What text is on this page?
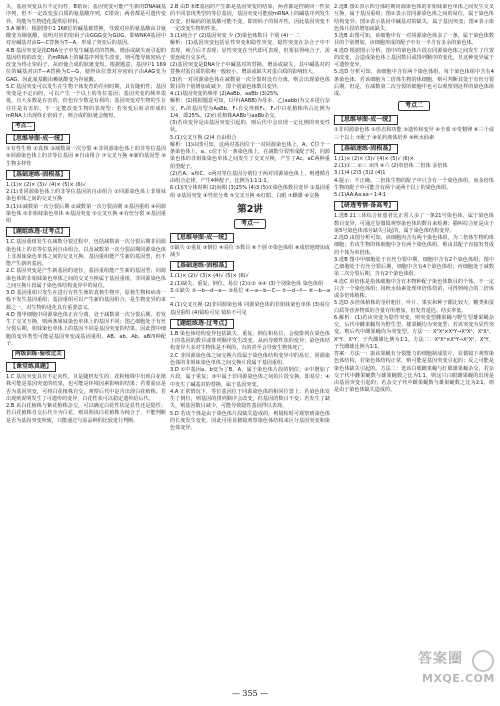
失，基因突变具有不定向性，B错误；基因突变可能产生新的DNA碱基序列，但不一定改变蛋白质的氨基酸序列，C错误；两者都是可遗传变异，均能为生物进化提供原材料。

3.A 解析：根据图中1 168位的碱基被替换，导致对应的氨基酸由甘氨酸变为缬氨酸，说明对应的密码子由GGG变为GUG，即WNK4基因中对应碱基对由G—C替换为T—A，形成了突变后的基因。

4.B 基因突变是指DNA分子中发生碱基对的替换、增添或缺失而引起的基因结构的改变；若mRNA上的碱基序列发生改变，则可能导致密码子改变为终止密码子，从而使合成的肽链变短。根据题意，基因中1 169位的碱基对由T—A替换为C—G，使得该位置对应密码子由AAG变为GAG，因此氨基酸由赖氨酸变为谷氨酸。

5.C 基因突变可以发生在生物个体发育的任何时期，具有随机性；基因突变是不定向的，可以产生一个以上的等位基因；基因突变的频率很低，且大多数是有害的，但也有少数是有利的；基因突变对生物的生存往往是有害的，不一定能改变生物的表现型；若突变后转录形成的mRNA上出现终止密码子，则合成的肽链会缩短。

考点二
【思维导图·成一统】

①有性生殖 ②真核 ③减数第一次分裂 ④非同源染色体上的非等位基因 ⑤同源染色体上的非等位基因 ⑥自由组合 ⑦交叉互换 ⑧新的基因型 ⑨生物多样性

【基础速练·固根基】

1.(1)× (2)× (3)√ (4)× (5)× (6)√

2.(1)非同源染色体上的非等位基因的自由组合 ②同源染色体上非姐妹染色单体之间的交叉互换

3.(1)①减数第一次分裂后期 ②减数第一次分裂前期 ③基因重组 ④同源染色体 ⑤非姐妹染色单体 ⑥基因突变 ⑦交叉互换 ⑧有丝分裂 ⑨基因重组

【题组练透·过考点】

1.C 基因重组发生在减数分裂过程中，包括减数第一次分裂后期非同源染色体上的非等位基因自由组合，以及减数第一次分裂前期同源染色体上非姐妹染色单体之间的交叉互换。基因重组能产生新的基因型，但不能产生新的基因。

2.C 基因突变是产生新基因的途径，基因重组能产生新的基因型；同源染色体的非姐妹染色单体之间的交叉互换属于基因重组，非同源染色体之间互换片段属于染色体结构变异中的易位。

3.D 基因重组只发生在进行有性生殖的真核生物中，原核生物和病毒一般不发生基因重组；基因重组可以产生新的基因组合，是生物变异的来源之一，对生物的进化具有重要意义。

4.D 图甲细胞中同源染色体正在分离，处于减数第一次分裂后期，若发生了交叉互换，则两条姐妹染色单体上的基因不同；图乙细胞处于有丝分裂后期，姐妹染色单体上的基因不同是基因突变的结果。因此图中细胞的变异类型可能是基因突变或基因重组，AB、ab、Ab、aB四种配子。

两级训练·验收过关
【课堂练真题】

1.C 基因突变具有不定向性，且是随机发生的，花粉植株中出现白花植株可能是基因突变的结果，也可能是环境因素影响的结果；若要验证是否为基因突变，可将白花植株自交，观察后代中是否出现白花植株，若出现则说明发生了可遗传的变异，白花性状可以稳定遗传给后代。

2.B 该白花植株与紫花植株杂交，可以确定白花性状是显性还是隐性；若白花植株自交后代全为白花，则说明该白花植株为纯合子，不能判断是否为基因突变所致，只能通过与原品种的比较进行判断。

2.B 由D 和E基因的产生都是基因突变的结果，两者都是控制同一性状的不同表现类型的等位基因，基因突变可能使mRNA上的碱基序列发生改变，但编码的氨基酸可能不变，即密码子的简并性，因此基因突变不一定改变生物的性状。

3.(1)纯合子 (2)基因突变 少 (3)染色体数目 个别 (4)一 二

解析：(1)基因突变包括显性突变和隐性突变，隐性突变在杂合子中不表现，纯合后才表现；显性突变在当代即可表现，但要获得纯合子，需要连续自交多代。

(2)基因突变是DNA分子中碱基对的替换、增添或缺失，其中碱基对的替换对蛋白质的影响一般较小，增添或缺失对蛋白质的影响较大。

(3)若一对同源染色体在减数第一次分裂时没有分离，则会出现染色体数目的个别增加或减少，即个别染色体数目变异。

4.(1)基因突变的频率 (2)AaBb、aaBb (3)25%

解析：(1)根据题意可知，以甲(AABB)为母本、乙(aabb)为父本进行杂交，F₁的基因型为AaBb，F₁自交得到F₂，F₂中白花植株所占比例为1/4，即25%。(2)红花植株AABb与aaBb杂交。

(3)若该变异是由基因突变引起的，则后代中会出现一定比例的突变性状。

5.(1)交叉互换 (2)4 自由组合

解析：(1)由图可知，这两对基因位于一对同源染色体上，A、C位于一条染色体上，a、c位于另一条染色体上，在减数分裂形成配子时，同源染色体的非姐妹染色单体之间发生了交叉互换，产生了Ac、aC两种重组型配子。

(2)若A、a和C、c两对等位基因分别位于两对同源染色体上，则遵循自由组合定律，产生4种配子，比例为1∶1∶1∶1。

6.(1)四分体时期 (2)间期 (3)25% (4)3 (5)①染色体数目变异 ②基因重组 ③基因突变 ④性状分离 ⑤交叉互换 ⑥红眼、白眼 ⑦雌雄 ⑧交换

第2讲
考点一
【思维导图·成一统】

①缺失 ②重复 ③倒位 ④易位 ⑤数目 ⑥个别 ⑦染色体组 ⑧成倍地增加或减少

【基础速练·固根基】

1.(1)× (2)√ (3)× (4)√ (5)× (6)√

2.(1)缺失、重复、倒位、易位 (2)①② ③④ (3)个别染色体 染色体组

3.①缺失 ②—b—d—e— ③易位 ④—a—b—C— ⑤—d—f— ⑥—b—a—

4.(1)交叉互换 (2)非同源染色体 同源染色体的非姐妹染色单体 (3)易位 基因重组 (4)镜检可见 镜检不可见

【题组练透·过考点】

1.B 染色体结构变异包括缺失、重复、倒位和易位，会使排列在染色体上的基因的数目或排列顺序发生改变，从而导致性状的变异；染色体结构变异大多对生物体是不利的，有的甚至会导致生物体死亡。

2.C 非同源染色体之间交换片段属于染色体结构变异中的易位，同源染色体的非姐妹染色单体之间交换片段属于基因重组。

3.D ①中基因a、b变为了B、A，属于染色体片段的倒位；②中增加了片段，属于重复；③中属于非同源染色体之间的片段交换，即易位；④中发生了碱基对的替换，属于基因突变。

4.A 正常情况下，等位基因位于同源染色体的相同位置上；若染色体发生了倒位，则基因的排列顺序会改变，但基因的数目不变；若发生了缺失，则基因数目减少，可能导致隐性基因得以表现。

5.D 若该个体是由于染色体片段缺失造成的，则镜检时可观察到染色体的长度发生变化，因此可用显微镜观察染色体结构来区分基因突变和染色体变异。

2.选B 图①表示四分体时期同源染色体的非姐妹染色单体之间发生交叉互换，属于基因重组；图②表示非同源染色体之间的易位，属于染色体结构变异；图③表示基因中碱基对的缺失，属于基因突变；图④表示染色体片段的增加或缺失。

3.选B 由图可知，该细胞中有一对同源染色体多了一条，属于染色体数目的个别增加，该细胞形成的配子中有一半含有多余的染色体。

4.选D 根据图示分析，图中的染色体片段在同源染色体之间发生了位置的改变，会造成染色体上基因数目或排列顺序的变化，且这种变异属于可遗传变异。

5.选D 分析可知，该细胞中含有两个染色体组，每个染色体组中含有4条染色体；若该细胞为二倍体生物的体细胞，则可判断其处于有丝分裂后期，但是，在减数第二次分裂的细胞中也可以观察到这样的染色体组成。

考点二
【思维导图·成一统】

①非同源染色体 ②形态和功能 ③遗传和变异 ④全部 ⑤受精卵 ⑥三个或三个以上 ⑦配子 ⑧花药离体培养 ⑨秋水仙素

【基础速练·固根基】

1.(1)× (2)× (3)√ (4)× (5)√ (6)×

2.(1)①二 ②三 ③四 ④六 (2)单倍体 二倍体 多倍体

3.(1)4 (2)3 (3)2 (4)1

4.提示：不正确。二倍体生物的配子中只含有一个染色体组，而多倍体生物的配子中可能含有两个或两个以上的染色体组。

5.(1)AA∶Aa∶aa＝1∶4∶1

【研透考情·备高考】

1.选B 21三体综合征患者比正常人多了一条21号染色体，属于染色体数目变异，可通过显微镜观察染色体的数目来检测；猫叫综合征是由于第5号染色体部分缺失引起的，属于染色体结构变异。

2.选D 由图分析可知，该细胞内含有两个染色体组，为二倍体生物的体细胞；若该生物的体细胞中含有两个染色体组，则由其配子直接发育成的个体为单倍体。

3.选B 图中甲细胞处于有丝分裂中期，细胞中含有2个染色体组；图中乙细胞处于有丝分裂后期，细胞中含有4个染色体组；丙细胞处于减数第二次分裂后期，含有2个染色体组。

4.选C 单倍体是指体细胞中含有本物种配子染色体数目的个体，不一定只含一个染色体组；用秋水仙素处理单倍体幼苗，可得到纯合的二倍体或多倍体植株。

5.选D 多倍体植株的茎秆粗壮，叶片、果实和种子都比较大，糖类和蛋白质等营养物质的含量有所增加，但发育延迟、结实率低。

6.解析：(1)若该突变为隐性突变，则突变型雌果蝇与野生型雄果蝇杂交，后代中雌果蝇均为野生型，雄果蝇均为突变型；若该突变为显性突变，则后代中雌果蝇均为突变型。方法一：XᴬXᵃ×XᵃY→XᴬXᵃ、XᵃXᵃ、XᴬY、XᵃY，子代雌雄比例为1∶1。方法二：XᴬXᴬ×XᵃY→XᴬXᵃ、XᴬY，子代雌雄比例为1∶1。

答案：方法一：取该果蝇有分裂能力的细胞制成装片，显微镜下观察染色体结构，若染色体结构正常，则可能是基因突变引起的；反之可能是染色体缺失引起的。方法二：选该白眼雌果蝇与红眼雄果蝇杂交，若杂交子代中雌果蝇数与雄果蝇数之比为1∶1，则这只白眼雌果蝇的出现是由基因突变引起的；若杂交子代中雌果蝇数与雄果蝇数之比为2∶1，则是由于染色体缺失造成的。

— 355 —
答案圈
MXQE.COM
